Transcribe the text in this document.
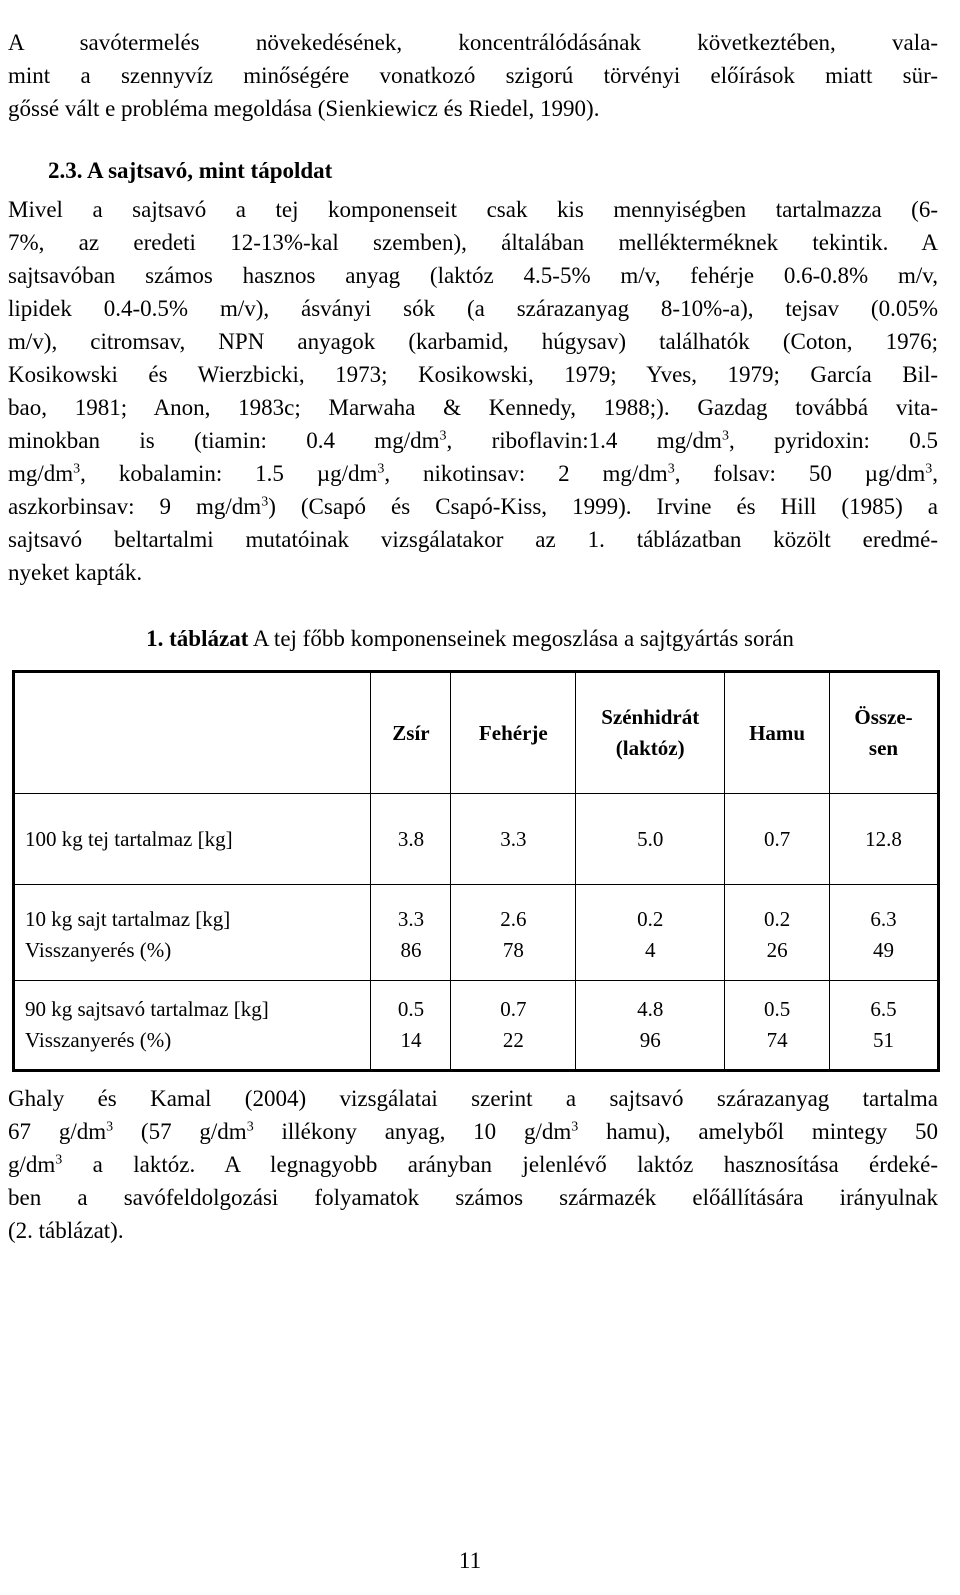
A savótermelés növekedésének, koncentrálódásának következtében, vala-
mint a szennyvíz minőségére vonatkozó szigorú törvényi előírások miatt sür-
gőssé vált e probléma megoldása (Sienkiewicz és Riedel, 1990).
2.3. A sajtsavó, mint tápoldat
Mivel a sajtsavó a tej komponenseit csak kis mennyiségben tartalmazza (6-
7%, az eredeti 12-13%-kal szemben), általában mellékterméknek tekintik. A
sajtsavóban számos hasznos anyag (laktóz 4.5-5% m/v, fehérje 0.6-0.8% m/v,
lipidek 0.4-0.5% m/v), ásványi sók (a szárazanyag 8-10%-a), tejsav (0.05%
m/v), citromsav, NPN anyagok (karbamid, húgysav) találhatók (Coton, 1976;
Kosikowski és Wierzbicki, 1973; Kosikowski, 1979; Yves, 1979; García Bil-
bao, 1981; Anon, 1983c; Marwaha & Kennedy, 1988;). Gazdag továbbá vita-
minokban is (tiamin: 0.4 $mg/dm^3$, riboflavin:1.4 $mg/dm^3$, pyridoxin: 0.5
$mg/dm^3$, kobalamin: 1.5 $\mu g/dm^3$, nikotinsav: 2 $mg/dm^3$, folsav: 50 $\mu g/dm^3$,
aszkorbinsav: 9 $mg/dm^3$) (Csapó és Csapó-Kiss, 1999). Irvine és Hill (1985) a
sajtsavó beltartalmi mutatóinak vizsgálatakor az 1. táblázatban közölt eredmé-
nyeket kapták.
1. táblázat A tej főbb komponenseinek megoszlása a sajtgyártás során
	Zsír	Fehérje	Szénhidrát
(laktóz)	Hamu	Össze-
sen

100 kg tej tartalmaz [kg]	3.8	3.3	5.0	0.7	12.8

10 kg sajt tartalmaz [kg]
Visszanyerés (%)	3.3
86	2.6
78	0.2
4	0.2
26	6.3
49

90 kg sajtsavó tartalmaz [kg]
Visszanyerés (%)	0.5
14	0.7
22	4.8
96	0.5
74	6.5
51
Ghaly és Kamal (2004) vizsgálatai szerint a sajtsavó szárazanyag tartalma
67 $g/dm^3$ (57 $g/dm^3$ illékony anyag, 10 $g/dm^3$ hamu), amelyből mintegy 50
$g/dm^3$ a laktóz. A legnagyobb arányban jelenlévő laktóz hasznosítása érdeké-
ben a savófeldolgozási folyamatok számos származék előállítására irányulnak
(2. táblázat).
11
